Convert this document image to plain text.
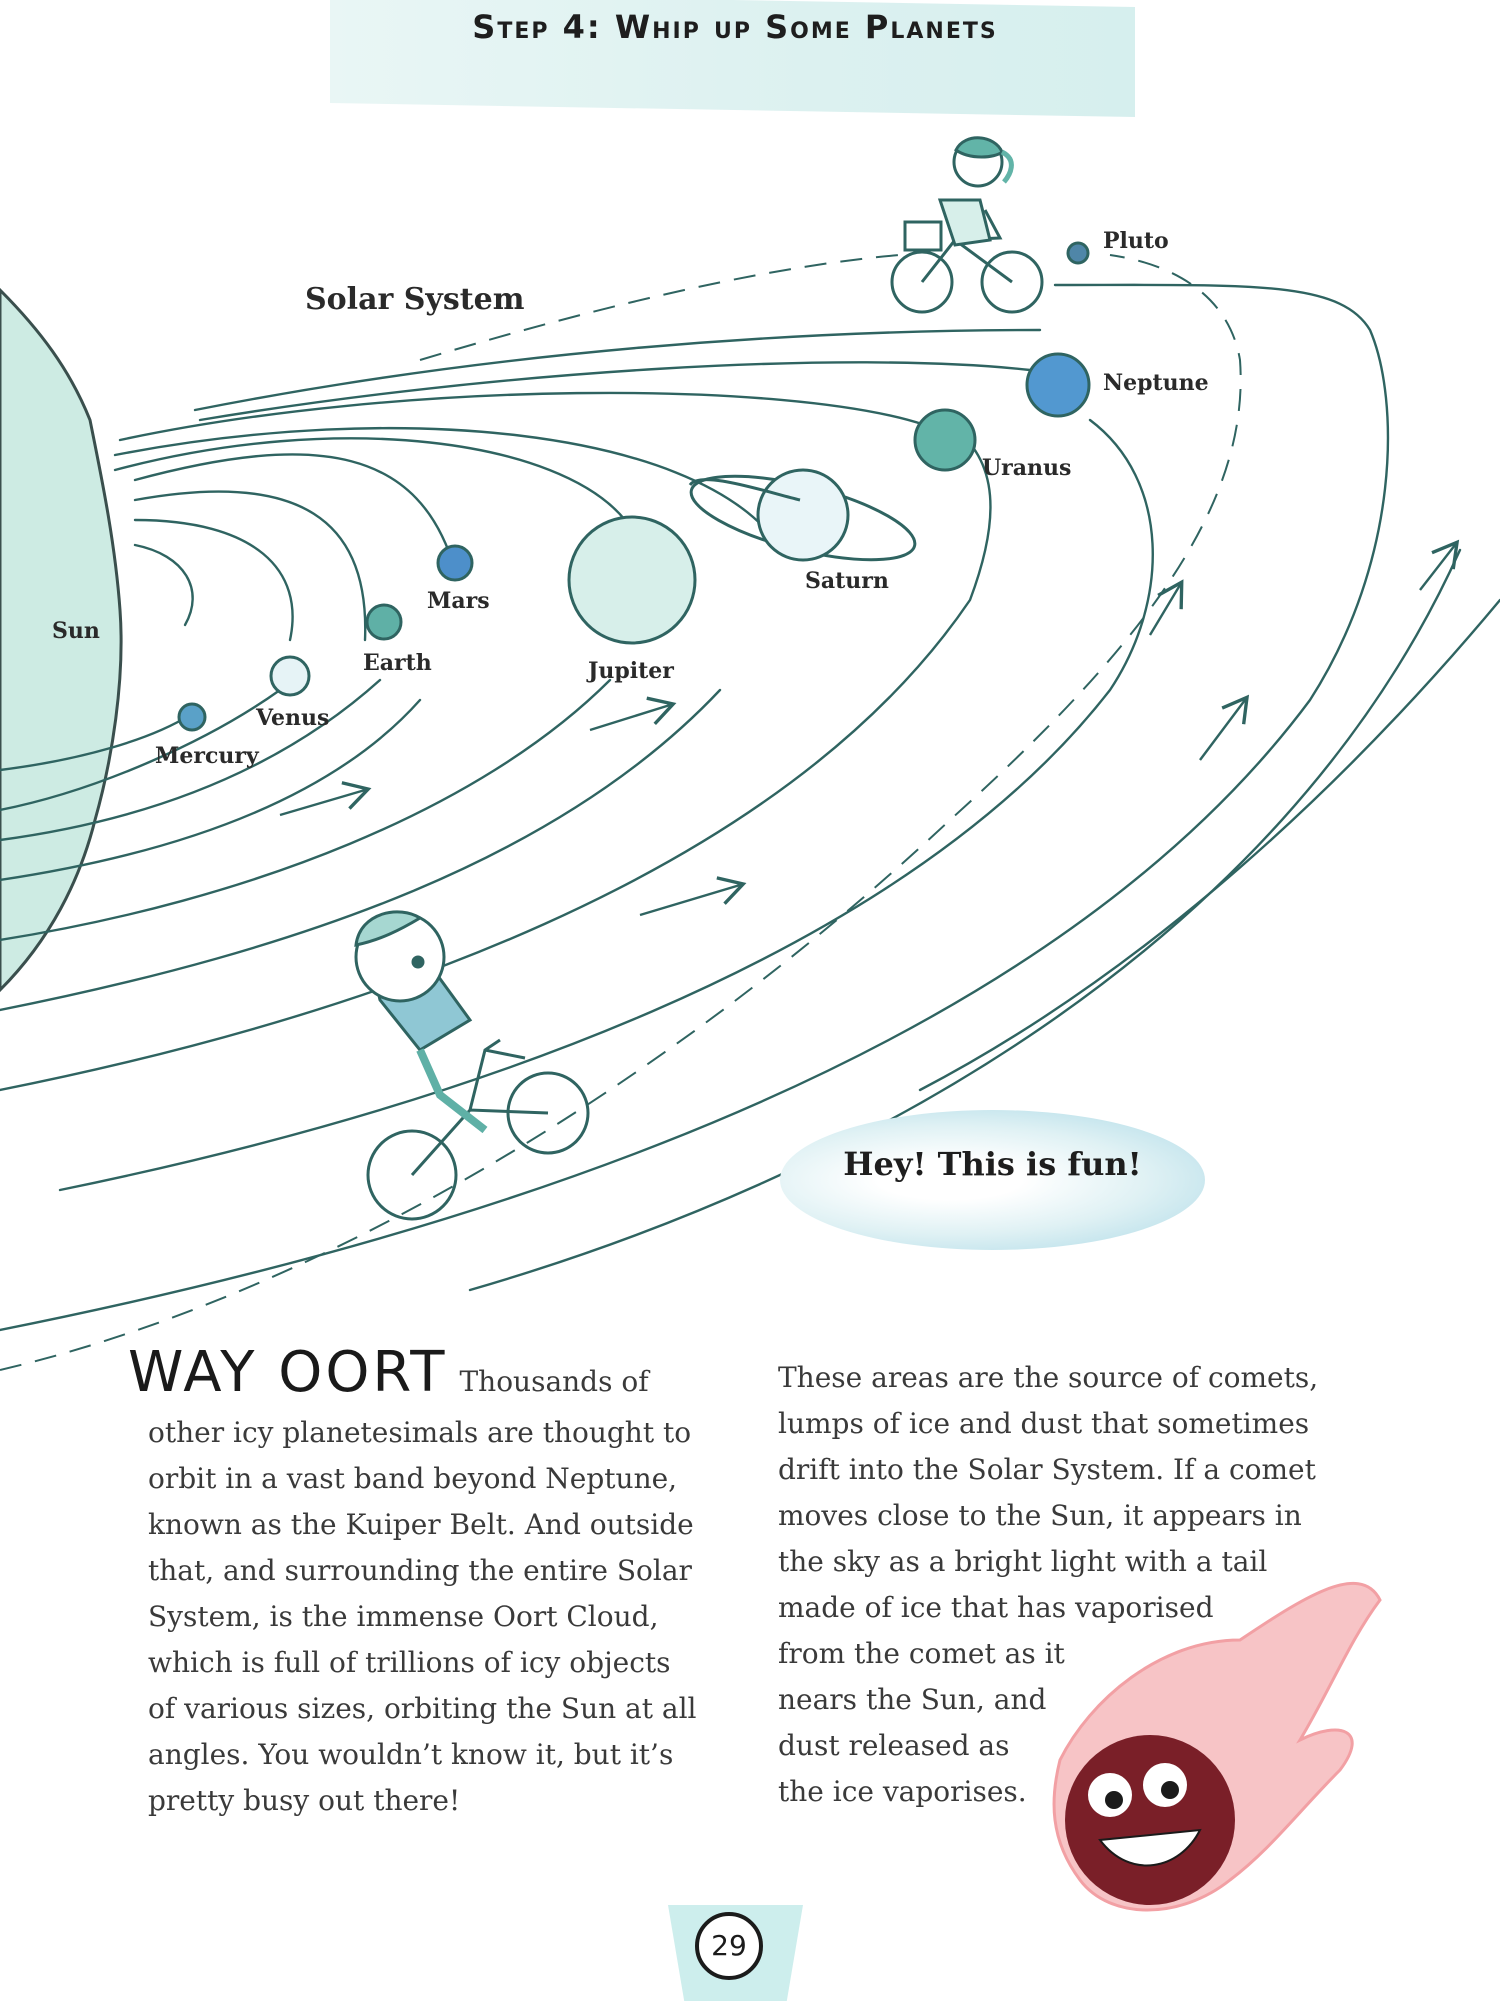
Step 4: Whip up Some Planets
Solar System
Sun
Mercury
Venus
Earth
Mars
Jupiter
Saturn
Uranus
Neptune
Pluto
Hey! This is fun!
WAY OORT Thousands of
other icy planetesimals are thought to
orbit in a vast band beyond Neptune,
known as the Kuiper Belt. And outside
that, and surrounding the entire Solar
System, is the immense Oort Cloud,
which is full of trillions of icy objects
of various sizes, orbiting the Sun at all
angles. You wouldn’t know it, but it’s
pretty busy out there!
These areas are the source of comets,
lumps of ice and dust that sometimes
drift into the Solar System. If a comet
moves close to the Sun, it appears in
the sky as a bright light with a tail
made of ice that has vaporised
from the comet as it
nears the Sun, and
dust released as
the ice vaporises.
29
